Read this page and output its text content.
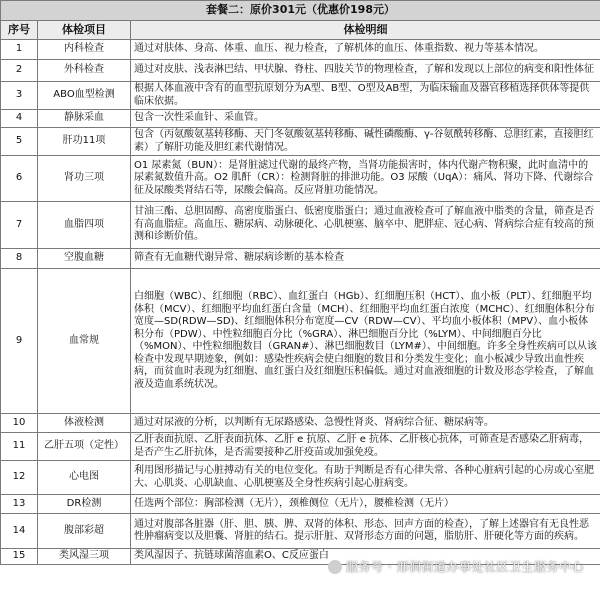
套餐二：原价301元（优惠价198元）		
序号	体检项目	体检明细
1	内科检查	通过对肤体、身高、体重、血压、视力检查，了解机体的血压、体重指数、视力等基本情况。
2	外科检查	通过对皮肤、浅表淋巴结、甲状腺、脊柱、四肢关节的物理检查，了解和发现以上部位的病变和阳性体征
3	ABO血型检测	根据人体血液中含有的血型抗原划分为A型、B型、O型及AB型，为临床输血及器官移植选择供体等提供临床依据。
4	静脉采血	包含一次性采血针、采血管。
5	肝功11项	包含（丙氨酸氨基转移酶、天门冬氨酸氨基转移酶、碱性磷酸酶、γ-谷氨酰转移酶、总胆红素，直接胆红素）了解肝功能及胆红素代谢情况。
6	肾功三项	O1 尿素氮（BUN）：是肾脏滤过代谢的最终产物，当肾功能损害时，体内代谢产物积聚，此时血清中的尿素氮数值升高。O2 肌酐（CR）：检测肾脏的排泄功能。O3 尿酸（UqA）：痛风、肾功下降、代谢综合征及尿酸类肾结石等，尿酸会偏高。反应肾脏功能情况。
7	血脂四项	甘油三酯、总胆固醇、高密度脂蛋白、低密度脂蛋白；通过血液检查可了解血液中脂类的含量，筛查是否有高血脂症。高血压、糖尿病、动脉硬化、心肌梗塞、脑卒中、肥胖症、冠心病、肾病综合症有较高的预测和诊断价值。
8	空腹血糖	筛查有无血糖代谢异常、糖尿病诊断的基本检查
9	血常规	白细胞（WBC）、红细胞（RBC）、血红蛋白（HGb）、红细胞压积（HCT）、血小板（PLT）、红细胞平均体积（MCV）、红细胞平均血红蛋白含量（MCH）、红细胞平均血红蛋白浓度（MCHC）、红细胞体积分布宽度—SD(RDW—SD)、红细胞体积分布宽度—CV（RDW—CV）、平均血小板体积（MPV）、血小板体积分布（PDW）、中性粒细胞百分比（%GRA）、淋巴细胞百分比（%LYM）、中间细胞百分比（%MON）、中性粒细胞数目（GRAN#）、淋巴细胞数目（LYM#）、中间细胞。许多全身性疾病可以从该检查中发现早期迹象，例如：感染性疾病会使白细胞的数目和分类发生变化；血小板减少导致出血性疾病，而贫血时表现为红细胞、血红蛋白及红细胞压积偏低。通过对血液细胞的计数及形态学检查，了解血液及造血系统状况。
10	体液检测	通过对尿液的分析，以判断有无尿路感染、急慢性肾炎、肾病综合征、糖尿病等。
11	乙肝五项（定性）	乙肝表面抗原、乙肝表面抗体、乙肝 e 抗原、乙肝 e 抗体、乙肝核心抗体，可筛查是否感染乙肝病毒，是否产生乙肝抗体，是否需要接种乙肝疫苗或加强免疫。
12	心电图	利用图形描记与心脏搏动有关的电位变化。有助于判断是否有心律失常、各种心脏病引起的心房或心室肥大、心肌炎、心肌缺血、心肌梗塞及全身性疾病引起心脏病变。
13	DR检测	任选两个部位：胸部检测（无片），颈椎侧位（无片），腰椎检测（无片）
14	腹部彩超	通过对腹部各脏器（肝、胆、胰、脾、双肾的体积、形态、回声方面的检查），了解上述器官有无良性恶性肿瘤病变以及胆囊、肾脏的结石。提示肝脏、双肾形态方面的问题，脂肪肝、肝硬化等方面的疾病。
15	类风湿三项	类风湿因子、抗链球菌溶血素O、C反应蛋白
服务号 · 邢侗街道办事处社区卫生服务中心
